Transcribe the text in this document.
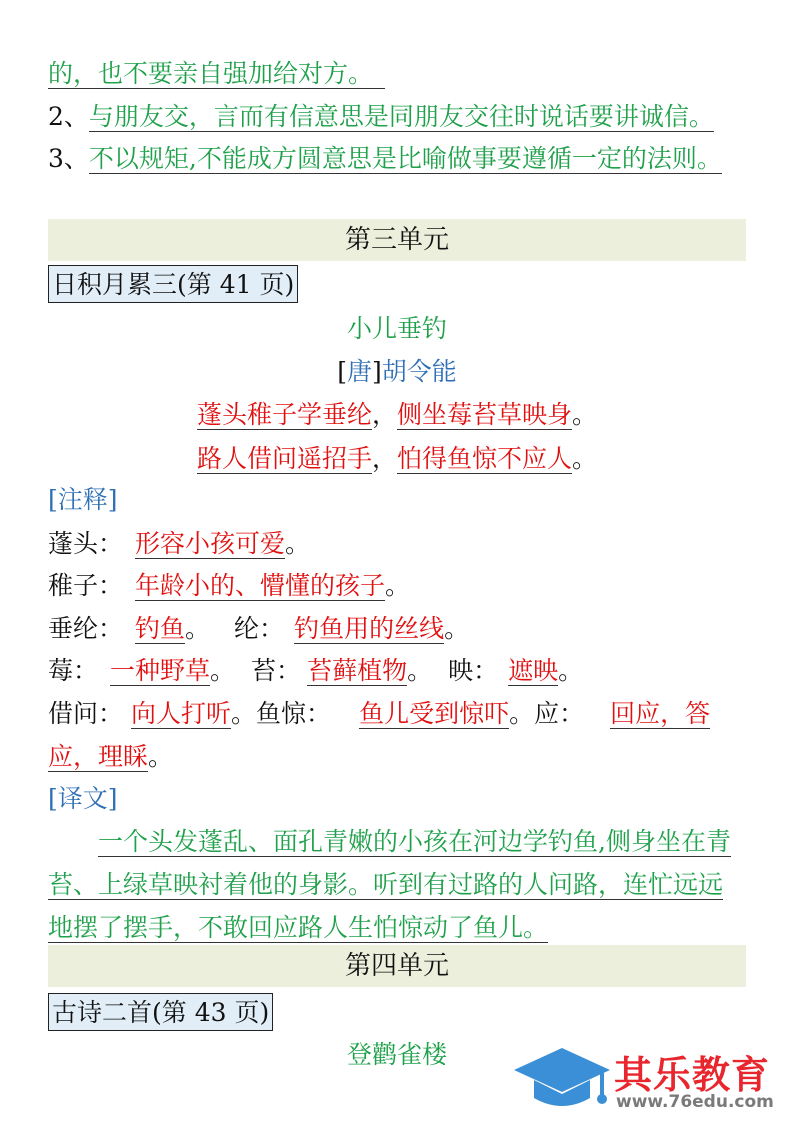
的，也不要亲自强加给对方。
2、与朋友交，言而有信意思是同朋友交往时说话要讲诚信。
3、不以规矩,不能成方圆意思是比喻做事要遵循一定的法则。
第三单元
日积月累三(第 41 页)
小儿垂钓
[唐]胡令能
蓬头稚子学垂纶，侧坐莓苔草映身。
路人借问遥招手，怕得鱼惊不应人。
[注释]
蓬头： 形容小孩可爱。
稚子： 年龄小的、懵懂的孩子。
垂纶： 钓鱼。 纶： 钓鱼用的丝线。
莓： 一种野草。 苔： 苔藓植物。 映： 遮映。
借问： 向人打听。鱼惊： 鱼儿受到惊吓。应： 回应，答
应，理睬。
[译文]
一个头发蓬乱、面孔青嫩的小孩在河边学钓鱼,侧身坐在青苔、上绿草映衬着他的身影。听到有过路的人问路，连忙远远地摆了摆手，不敢回应路人生怕惊动了鱼儿。
第四单元
古诗二首(第 43 页)
登鹳雀楼	其乐教育
www.76edu.com
